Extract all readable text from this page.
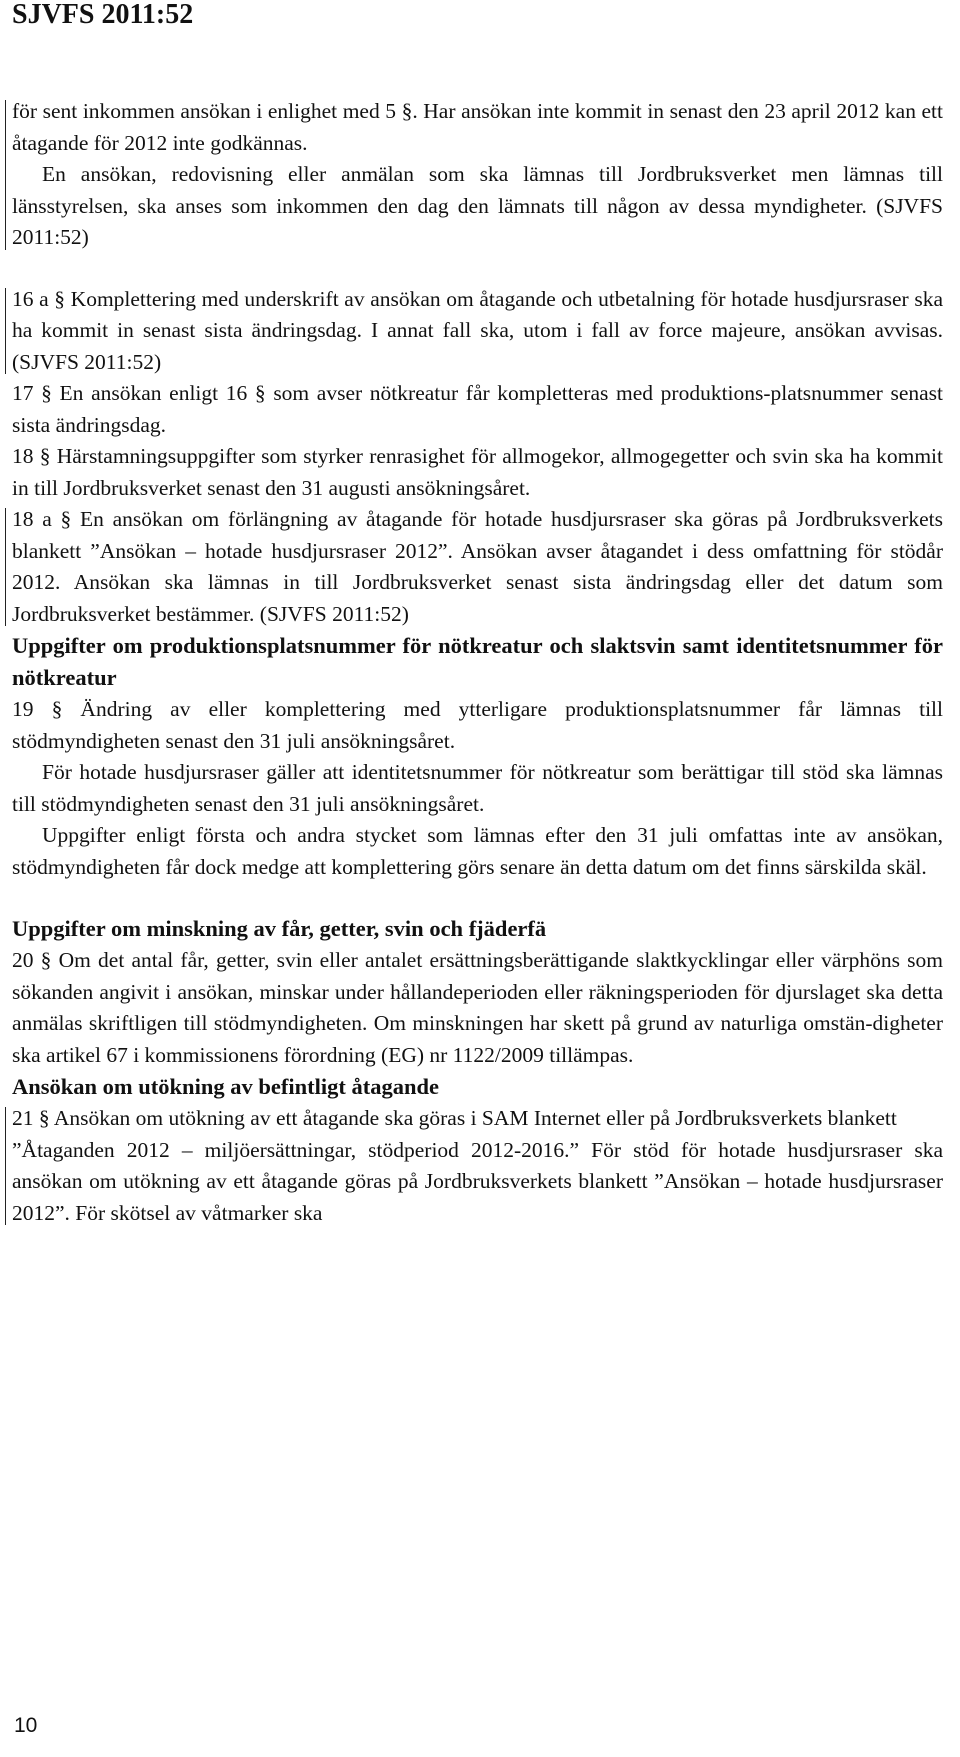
SJVFS 2011:52

för sent inkommen ansökan i enlighet med 5 §. Har ansökan inte kommit in senast den 23 april 2012 kan ett åtagande för 2012 inte godkännas.

En ansökan, redovisning eller anmälan som ska lämnas till Jordbruksverket men lämnas till länsstyrelsen, ska anses som inkommen den dag den lämnats till någon av dessa myndigheter. (SJVFS 2011:52)

16 a § Komplettering med underskrift av ansökan om åtagande och utbetalning för hotade husdjursraser ska ha kommit in senast sista ändringsdag. I annat fall ska, utom i fall av force majeure, ansökan avvisas. (SJVFS 2011:52)

17 § En ansökan enligt 16 § som avser nötkreatur får kompletteras med produktions-platsnummer senast sista ändringsdag.

18 § Härstamningsuppgifter som styrker renrasighet för allmogekor, allmogegetter och svin ska ha kommit in till Jordbruksverket senast den 31 augusti ansökningsåret.

18 a § En ansökan om förlängning av åtagande för hotade husdjursraser ska göras på Jordbruksverkets blankett ”Ansökan – hotade husdjursraser 2012”. Ansökan avser åtagandet i dess omfattning för stödår 2012. Ansökan ska lämnas in till Jordbruksverket senast sista ändringsdag eller det datum som Jordbruksverket bestämmer. (SJVFS 2011:52)

Uppgifter om produktionsplatsnummer för nötkreatur och slaktsvin samt identitetsnummer för nötkreatur

19 § Ändring av eller komplettering med ytterligare produktionsplatsnummer får lämnas till stödmyndigheten senast den 31 juli ansökningsåret.

För hotade husdjursraser gäller att identitetsnummer för nötkreatur som berättigar till stöd ska lämnas till stödmyndigheten senast den 31 juli ansökningsåret.

Uppgifter enligt första och andra stycket som lämnas efter den 31 juli omfattas inte av ansökan, stödmyndigheten får dock medge att komplettering görs senare än detta datum om det finns särskilda skäl.

Uppgifter om minskning av får, getter, svin och fjäderfä

20 § Om det antal får, getter, svin eller antalet ersättningsberättigande slaktkycklingar eller värphöns som sökanden angivit i ansökan, minskar under hållandeperioden eller räkningsperioden för djurslaget ska detta anmälas skriftligen till stödmyndigheten. Om minskningen har skett på grund av naturliga omstän-digheter ska artikel 67 i kommissionens förordning (EG) nr 1122/2009 tillämpas.

Ansökan om utökning av befintligt åtagande

21 § Ansökan om utökning av ett åtagande ska göras i SAM Internet eller på Jordbruksverkets blankett

”Åtaganden 2012 – miljöersättningar, stödperiod 2012-2016.” För stöd för hotade husdjursraser ska ansökan om utökning av ett åtagande göras på Jordbruksverkets blankett ”Ansökan – hotade husdjursraser 2012”. För skötsel av våtmarker ska

10
